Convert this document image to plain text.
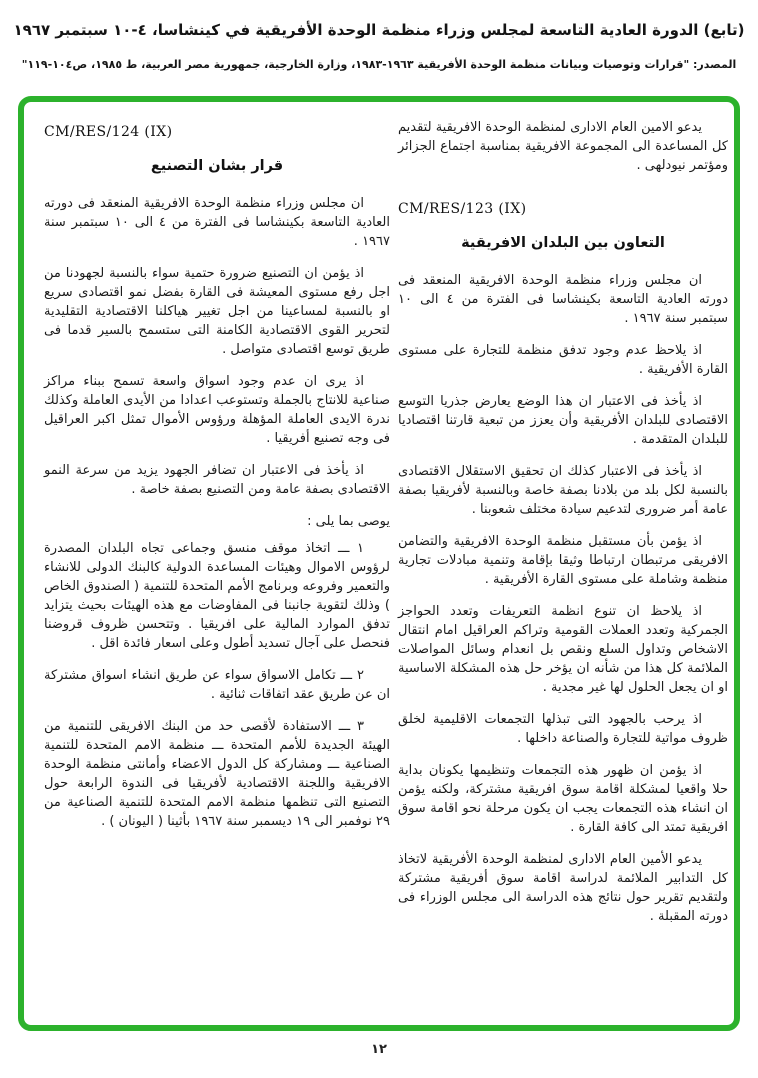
(تابع) الدورة العادية التاسعة لمجلس وزراء منظمة الوحدة الأفريقية في كينشاسا، ٤-١٠ سبتمبر ١٩٦٧
المصدر: "قرارات وتوصيات وبيانات منظمة الوحدة الأفريقية ١٩٦٣-١٩٨٣، وزارة الخارجية، جمهورية مصر العربية، ط ١٩٨٥، ص١٠٤-١١٩"

يدعو الامين العام الادارى لمنظمة الوحدة الافريقية لتقديم كل المساعدة الى المجموعة الافريقية بمناسبة اجتماع الجزائر ومؤتمر نيودلهى .

CM/RES/123 (IX)
التعاون بين البلدان الافريقية

ان مجلس وزراء منظمة الوحدة الافريقية المنعقد فى دورته العادية التاسعة بكينشاسا فى الفترة من ٤ الى ١٠ سبتمبر سنة ١٩٦٧ .

اذ يلاحظ عدم وجود تدفق منظمة للتجارة على مستوى القارة الأفريقية .

اذ يأخذ فى الاعتبار ان هذا الوضع يعارض جذريا التوسع الاقتصادى للبلدان الأفريقية وأن يعزز من تبعية قارتنا اقتصاديا للبلدان المتقدمة .

اذ يأخذ فى الاعتبار كذلك ان تحقيق الاستقلال الاقتصادى بالنسبة لكل بلد من بلادنا بصفة خاصة وبالنسبة لأفريقيا بصفة عامة أمر ضرورى لتدعيم سيادة مختلف شعوبنا .

اذ يؤمن بأن مستقبل منظمة الوحدة الافريقية والتضامن الافريقى مرتبطان ارتباطا وثيقا بإقامة وتنمية مبادلات تجارية منظمة وشاملة على مستوى القارة الأفريقية .

اذ يلاحظ ان تنوع انظمة التعريفات وتعدد الحواجز الجمركية وتعدد العملات القومية وتراكم العراقيل امام انتقال الاشخاص وتداول السلع ونقص بل انعدام وسائل المواصلات الملائمة كل هذا من شأنه ان يؤخر حل هذه المشكلة الاساسية او ان يجعل الحلول لها غير مجدية .

اذ يرحب بالجهود التى تبذلها التجمعات الاقليمية لخلق ظروف مواتية للتجارة والصناعة داخلها .

اذ يؤمن ان ظهور هذه التجمعات وتنظيمها يكونان بداية حلا واقعيا لمشكلة اقامة سوق افريقية مشتركة، ولكنه يؤمن ان انشاء هذه التجمعات يجب ان يكون مرحلة نحو اقامة سوق افريقية تمتد الى كافة القارة .

يدعو الأمين العام الادارى لمنظمة الوحدة الأفريقية لاتخاذ كل التدابير الملائمة لدراسة اقامة سوق أفريقية مشتركة ولتقديم تقرير حول نتائج هذه الدراسة الى مجلس الوزراء فى دورته المقبلة .

CM/RES/124 (IX)
قرار بشان التصنيع

ان مجلس وزراء منظمة الوحدة الافريقية المنعقد فى دورته العادية التاسعة بكينشاسا فى الفترة من ٤ الى ١٠ سبتمبر سنة ١٩٦٧ .

اذ يؤمن ان التصنيع ضرورة حتمية سواء بالنسبة لجهودنا من اجل رفع مستوى المعيشة فى القارة بفضل نمو اقتصادى سريع او بالنسبة لمساعينا من اجل تغيير هياكلنا الاقتصادية التقليدية لتحرير القوى الاقتصادية الكامنة التى ستسمح بالسير قدما فى طريق توسع اقتصادى متواصل .

اذ يرى ان عدم وجود اسواق واسعة تسمح ببناء مراكز صناعية للانتاج بالجملة وتستوعب اعدادا من الأيدى العاملة وكذلك ندرة الايدى العاملة المؤهلة ورؤوس الأموال تمثل اكبر العراقيل فى وجه تصنيع أفريقيا .

اذ يأخذ فى الاعتبار ان تضافر الجهود يزيد من سرعة النمو الاقتصادى بصفة عامة ومن التصنيع بصفة خاصة .

يوصى بما يلى :

١ ـــ اتخاذ موقف منسق وجماعى تجاه البلدان المصدرة لرؤوس الاموال وهيئات المساعدة الدولية كالبنك الدولى للانشاء والتعمير وفروعه وبرنامج الأمم المتحدة للتنمية ( الصندوق الخاص ) وذلك لتقوية جانبنا فى المفاوضات مع هذه الهيئات بحيث يتزايد تدفق الموارد المالية على افريقيا . وتتحسن ظروف قروضنا فنحصل على آجال تسديد أطول وعلى اسعار فائدة اقل .

٢ ـــ تكامل الاسواق سواء عن طريق انشاء اسواق مشتركة ان عن طريق عقد اتفاقات ثنائية .

٣ ـــ الاستفادة لأقصى حد من البنك الافريقى للتنمية من الهيئة الجديدة للأمم المتحدة ـــ منظمة الامم المتحدة للتنمية الصناعية ـــ ومشاركة كل الدول الاعضاء وأمانتى منظمة الوحدة الافريقية واللجنة الاقتصادية لأفريقيا فى الندوة الرابعة حول التصنيع التى تنظمها منظمة الامم المتحدة للتنمية الصناعية من ٢٩ نوفمبر الى ١٩ ديسمبر سنة ١٩٦٧ بأثينا ( اليونان ) .

١٢
